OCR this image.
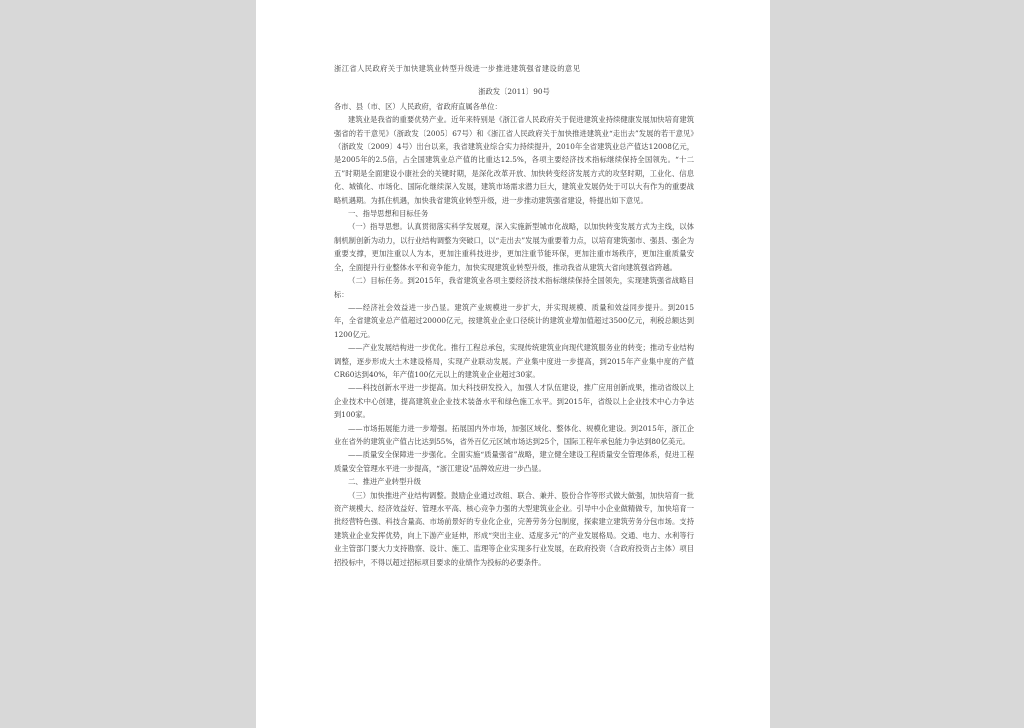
浙江省人民政府关于加快建筑业转型升级进一步推进建筑强省建设的意见
浙政发〔2011〕90号

各市、县（市、区）人民政府，省政府直属各单位：

建筑业是我省的重要优势产业。近年来特别是《浙江省人民政府关于促进建筑业持续健康发展加快培育建筑强省的若干意见》（浙政发〔2005〕67号）和《浙江省人民政府关于加快推进建筑业“走出去”发展的若干意见》（浙政发〔2009〕4号）出台以来，我省建筑业综合实力持续提升，2010年全省建筑业总产值达12008亿元，是2005年的2.5倍，占全国建筑业总产值的比重达12.5%，各项主要经济技术指标继续保持全国领先。“十二五”时期是全面建设小康社会的关键时期，是深化改革开放、加快转变经济发展方式的攻坚时期，工业化、信息化、城镇化、市场化、国际化继续深入发展，建筑市场需求潜力巨大，建筑业发展仍处于可以大有作为的重要战略机遇期。为抓住机遇，加快我省建筑业转型升级，进一步推动建筑强省建设，特提出如下意见。

一、指导思想和目标任务

（一）指导思想。认真贯彻落实科学发展观，深入实施新型城市化战略，以加快转变发展方式为主线，以体制机制创新为动力，以行业结构调整为突破口，以“走出去”发展为重要着力点，以培育建筑强市、强县、强企为重要支撑，更加注重以人为本，更加注重科技进步，更加注重节能环保，更加注重市场秩序，更加注重质量安全，全面提升行业整体水平和竞争能力，加快实现建筑业转型升级，推动我省从建筑大省向建筑强省跨越。

（二）目标任务。到2015年，我省建筑业各项主要经济技术指标继续保持全国领先，实现建筑强省战略目标：

——经济社会效益进一步凸显。建筑产业规模进一步扩大，并实现规模、质量和效益同步提升。到2015年，全省建筑业总产值超过20000亿元，按建筑业企业口径统计的建筑业增加值超过3500亿元，利税总额达到1200亿元。

——产业发展结构进一步优化。推行工程总承包，实现传统建筑业向现代建筑服务业的转变；推动专业结构调整，逐步形成大土木建设格局，实现产业联动发展。产业集中度进一步提高，到2015年产业集中度的产值CR60达到40%，年产值100亿元以上的建筑业企业超过30家。

——科技创新水平进一步提高。加大科技研发投入，加强人才队伍建设，推广应用创新成果，推动省级以上企业技术中心创建，提高建筑业企业技术装备水平和绿色施工水平。到2015年，省级以上企业技术中心力争达到100家。

——市场拓展能力进一步增强。拓展国内外市场，加强区域化、整体化、规模化建设。到2015年，浙江企业在省外的建筑业产值占比达到55%，省外百亿元区域市场达到25个，国际工程年承包能力争达到80亿美元。

——质量安全保障进一步强化。全面实施“质量强省”战略，建立健全建设工程质量安全管理体系，促进工程质量安全管理水平进一步提高，“浙江建设”品牌效应进一步凸显。

二、推进产业转型升级

（三）加快推进产业结构调整。鼓励企业通过改组、联合、兼并、股份合作等形式做大做强，加快培育一批资产规模大、经济效益好、管理水平高、核心竞争力强的大型建筑业企业。引导中小企业做精做专，加快培育一批经营特色强、科技含量高、市场前景好的专业化企业，完善劳务分包制度，探索建立建筑劳务分包市场。支持建筑业企业发挥优势，向上下游产业延伸，形成“突出主业、适度多元”的产业发展格局。交通、电力、水利等行业主管部门要大力支持勘察、设计、施工、监理等企业实现多行业发展，在政府投资（含政府投资占主体）项目招投标中，不得以超过招标项目要求的业绩作为投标的必要条件。
